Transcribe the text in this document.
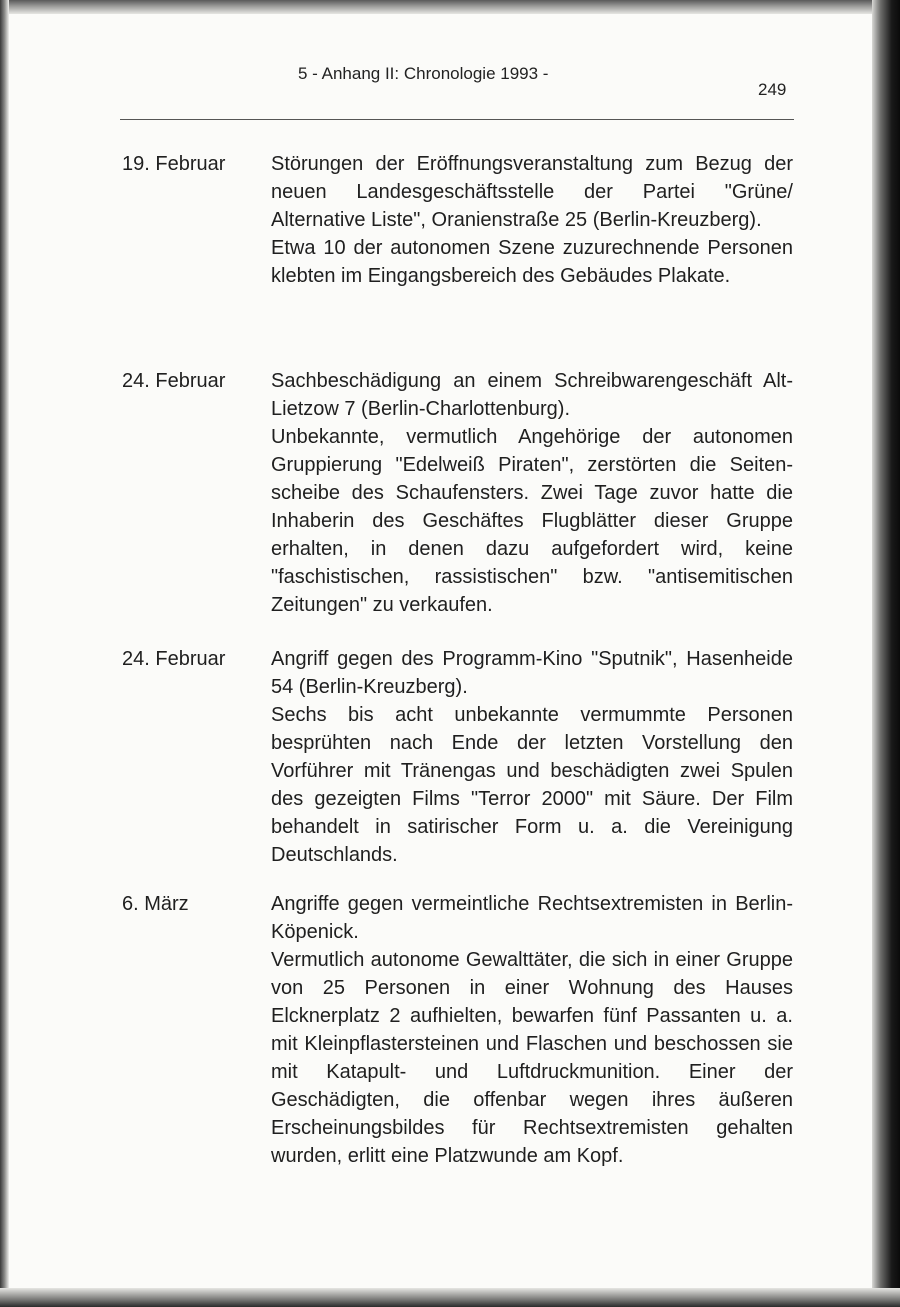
5 - Anhang II: Chronologie 1993 -
249
19. Februar Störungen der Eröffnungsveranstaltung zum Bezug der neuen Landesgeschäftsstelle der Partei "Grüne/ Alternative Liste", Oranienstraße 25 (Berlin-Kreuzberg).

Etwa 10 der autonomen Szene zuzurechnende Personen klebten im Eingangsbereich des Gebäudes Plakate.

24. Februar Sachbeschädigung an einem Schreibwarengeschäft Alt-Lietzow 7 (Berlin-Charlottenburg).

Unbekannte, vermutlich Angehörige der autonomen Gruppierung "Edelweiß Piraten", zerstörten die Seitenscheibe des Schaufensters. Zwei Tage zuvor hatte die Inhaberin des Geschäftes Flugblätter dieser Gruppe erhalten, in denen dazu aufgefordert wird, keine "faschistischen, rassistischen" bzw. "antisemitischen Zeitungen" zu verkaufen.

24. Februar Angriff gegen des Programm-Kino "Sputnik", Hasenheide 54 (Berlin-Kreuzberg).

Sechs bis acht unbekannte vermummte Personen besprühten nach Ende der letzten Vorstellung den Vorführer mit Tränengas und beschädigten zwei Spulen des gezeigten Films "Terror 2000" mit Säure. Der Film behandelt in satirischer Form u. a. die Vereinigung Deutschlands.

6. März	Angriffe gegen vermeintliche Rechtsextremisten in Berlin-Köpenick.

Vermutlich autonome Gewalttäter, die sich in einer Gruppe von 25 Personen in einer Wohnung des Hauses Elcknerplatz 2 aufhielten, bewarfen fünf Passanten u. a. mit Kleinpflastersteinen und Flaschen und beschossen sie mit Katapult- und Luftdruckmunition. Einer der Geschädigten, die offenbar wegen ihres äußeren Erscheinungsbildes für Rechtsextremisten gehalten wurden, erlitt eine Platzwunde am Kopf.
